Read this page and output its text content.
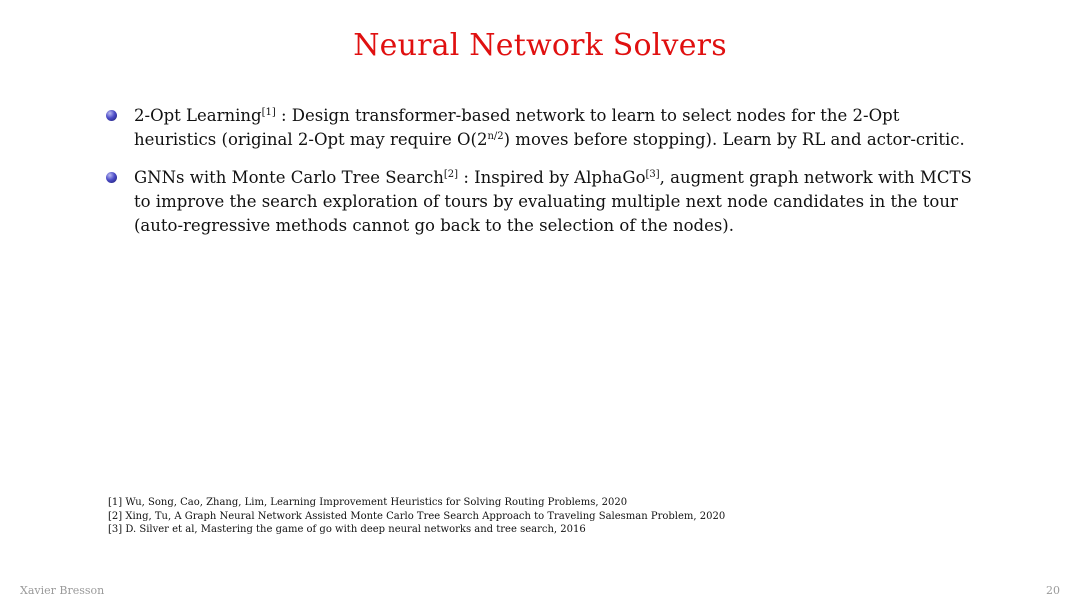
Neural Network Solvers
2-Opt Learning[1] : Design transformer-based network to learn to select nodes for the 2-Opt heuristics (original 2-Opt may require $O(2^{n/2})$ moves before stopping). Learn by RL and actor-critic.
GNNs with Monte Carlo Tree Search[2] : Inspired by AlphaGo[3], augment graph network with MCTS to improve the search exploration of tours by evaluating multiple next node candidates in the tour (auto-regressive methods cannot go back to the selection of the nodes).
[1] Wu, Song, Cao, Zhang, Lim, Learning Improvement Heuristics for Solving Routing Problems, 2020
[2] Xing, Tu, A Graph Neural Network Assisted Monte Carlo Tree Search Approach to Traveling Salesman Problem, 2020
[3] D. Silver et al, Mastering the game of go with deep neural networks and tree search, 2016
Xavier Bresson	20
